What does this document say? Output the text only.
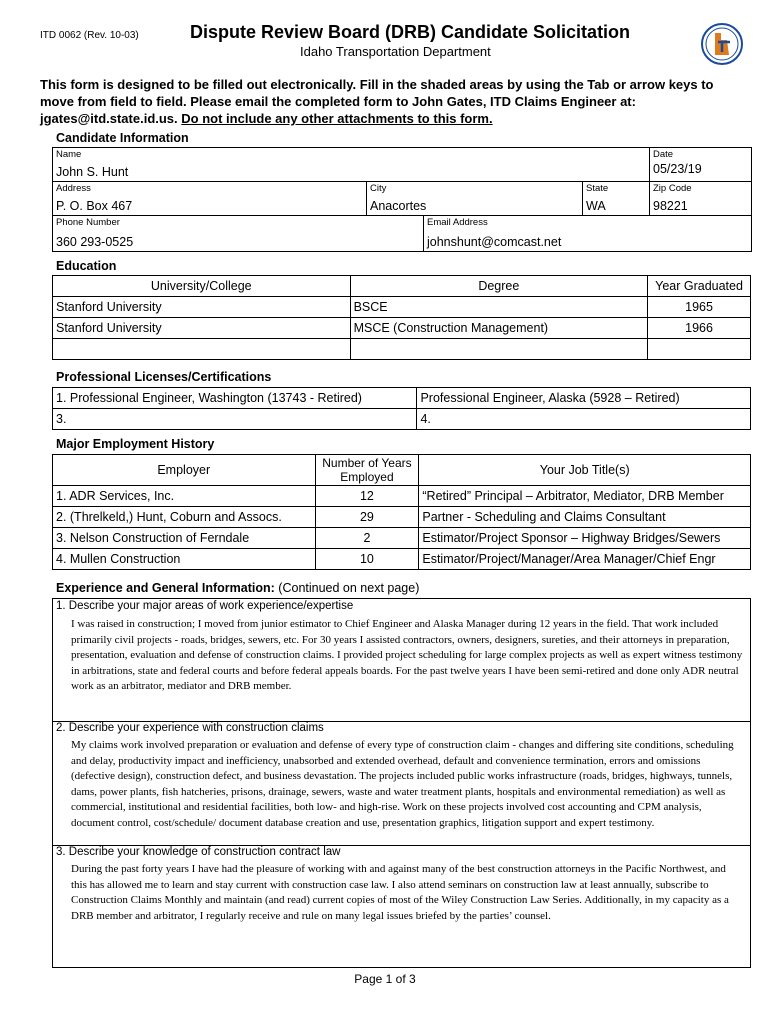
ITD 0062 (Rev. 10-03)	Dispute Review Board (DRB) Candidate Solicitation
Idaho Transportation Department
This form is designed to be filled out electronically. Fill in the shaded areas by using the Tab or arrow keys to move from field to field. Please email the completed form to John Gates, ITD Claims Engineer at: jgates@itd.state.id.us. Do not include any other attachments to this form.
Candidate Information
Name
John S. Hunt
Date
05/23/19
Address
P. O. Box 467
City
Anacortes
State
WA
Zip Code
98221
Phone Number
360 293-0525
Email Address
johnshunt@comcast.net
Education
University/College	Degree	Year Graduated
Stanford University	BSCE	1965
Stanford University	MSCE (Construction Management)	1966

Professional Licenses/Certifications
1. Professional Engineer, Washington (13743 - Retired)	Professional Engineer, Alaska (5928 – Retired)
3.	4.
Major Employment History
Employer	Number of Years Employed	Your Job Title(s)
1. ADR Services, Inc.	12	“Retired” Principal – Arbitrator, Mediator, DRB Member
2. (Threlkeld,) Hunt, Coburn and Assocs.	29	Partner - Scheduling and Claims Consultant
3. Nelson Construction of Ferndale	2	Estimator/Project Sponsor – Highway Bridges/Sewers
4. Mullen Construction	10	Estimator/Project/Manager/Area Manager/Chief Engr
Experience and General Information: (Continued on next page)
1. Describe your major areas of work experience/expertise
I was raised in construction; I moved from junior estimator to Chief Engineer and Alaska Manager during 12 years in the field. That work included primarily civil projects - roads, bridges, sewers, etc. For 30 years I assisted contractors, owners, designers, sureties, and their attorneys in preparation, presentation, evaluation and defense of construction claims. I provided project scheduling for large complex projects as well as expert witness testimony in arbitrations, state and federal courts and before federal appeals boards. For the past twelve years I have been semi-retired and done only ADR neutral work as an arbitrator, mediator and DRB member.
2. Describe your experience with construction claims
My claims work involved preparation or evaluation and defense of every type of construction claim - changes and differing site conditions, scheduling and delay, productivity impact and inefficiency, unabsorbed and extended overhead, default and convenience termination, errors and omissions (defective design), construction defect, and business devastation. The projects included public works infrastructure (roads, bridges, highways, tunnels, dams, power plants, fish hatcheries, prisons, drainage, sewers, waste and water treatment plants, hospitals and environmental remediation) as well as commercial, institutional and residential facilities, both low- and high-rise. Work on these projects involved cost accounting and CPM analysis, document control, cost/schedule/ document database creation and use, presentation graphics, litigation support and expert testimony.
3. Describe your knowledge of construction contract law
During the past forty years I have had the pleasure of working with and against many of the best construction attorneys in the Pacific Northwest, and this has allowed me to learn and stay current with construction case law. I also attend seminars on construction law at least annually, subscribe to Construction Claims Monthly and maintain (and read) current copies of most of the Wiley Construction Law Series. Additionally, in my capacity as a DRB member and arbitrator, I regularly receive and rule on many legal issues briefed by the parties’ counsel.
Page 1 of 3
